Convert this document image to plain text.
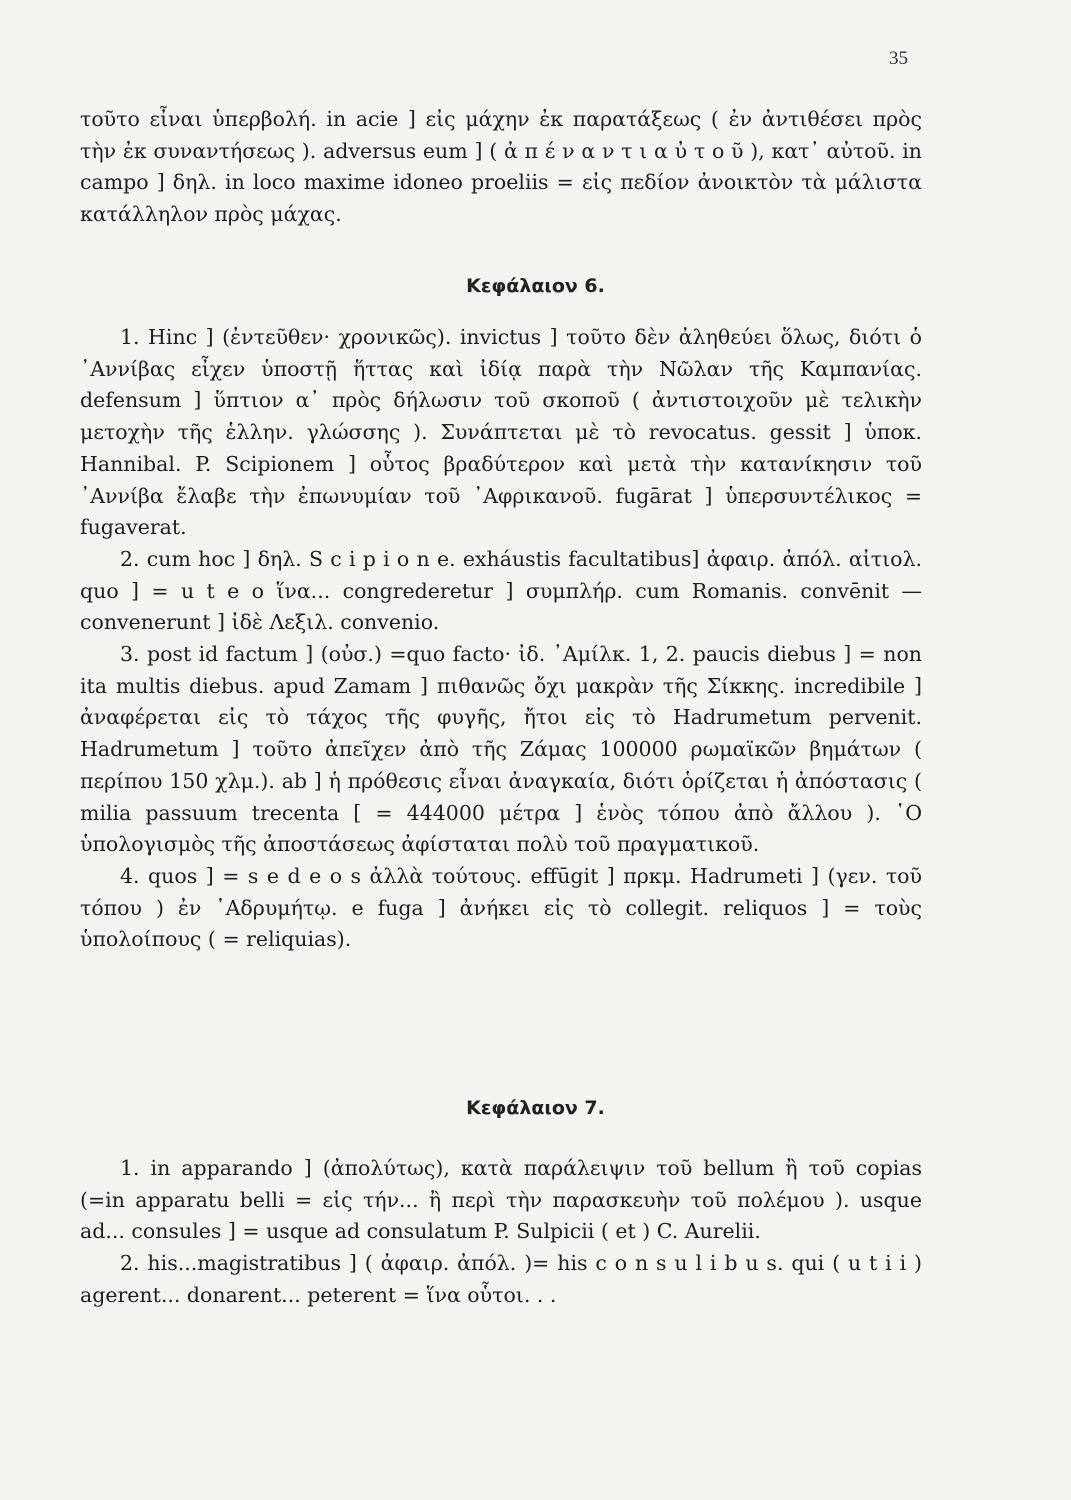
35

τοῦτο εἶναι ὑπερβολή. in acie ] εἰς μάχην ἐκ παρατάξεως ( ἐν ἀντιθέσει πρὸς τὴν ἐκ συναντήσεως ). adversus eum ] ( ἀ π έ ν α ν τ ι α ὐ τ ο ῦ ), κατ᾽ αὐτοῦ. in campo ] δηλ. in loco maxime idoneo proeliis = εἰς πεδίον ἀνοικτὸν τὰ μάλιστα κατάλληλον πρὸς μάχας.

Κεφάλαιον 6.

1. Hinc ] (ἐντεῦθεν· χρονικῶς). invictus ] τοῦτο δὲν ἀληθεύει ὅλως, διότι ὁ ᾽Αννίβας εἶχεν ὑποστῇ ἥττας καὶ ἰδίᾳ παρὰ τὴν Νῶλαν τῆς Καμπανίας. defensum ] ὕπτιον α᾽ πρὸς δήλωσιν τοῦ σκοποῦ ( ἀντιστοιχοῦν μὲ τελικὴν μετοχὴν τῆς ἑλλην. γλώσσης ). Συνάπτεται μὲ τὸ revocatus. gessit ] ὑποκ. Hannibal. P. Scipionem ] οὗτος βραδύτερον καὶ μετὰ τὴν κατανίκησιν τοῦ ᾽Αννίβα ἔλαβε τὴν ἐπωνυμίαν τοῦ ᾽Αφρικανοῦ. fugārat ] ὑπερσυντέλικος = fugaverat.

2. cum hoc ] δηλ. S c i p i o n e. exháustis facultatibus] ἀφαιρ. ἀπόλ. αἰτιολ. quo ] = u t e o ἵνα... congrederetur ] συμπλήρ. cum Romanis. convēnit — convenerunt ] ἰδὲ Λεξιλ. convenio.

3. post id factum ] (οὐσ.) =quo facto· ἰδ. ᾽Αμίλκ. 1, 2. paucis diebus ] = non ita multis diebus. apud Zamam ] πιθανῶς ὄχι μακρὰν τῆς Σίκκης. incredibile ] ἀναφέρεται εἰς τὸ τάχος τῆς φυγῆς, ἤτοι εἰς τὸ Hadrumetum pervenit. Hadrumetum ] τοῦτο ἀπεῖχεν ἀπὸ τῆς Ζάμας 100000 ρωμαϊκῶν βημάτων ( περίπου 150 χλμ.). ab ] ἡ πρόθεσις εἶναι ἀναγκαία, διότι ὁρίζεται ἡ ἀπόστασις ( milia passuum trecenta [ = 444000 μέτρα ] ἑνὸς τόπου ἀπὸ ἄλλου ). ῾Ο ὑπολογισμὸς τῆς ἀποστάσεως ἀφίσταται πολὺ τοῦ πραγματικοῦ.

4. quos ] = s e d e o s ἀλλὰ τούτους. effūgit ] πρκμ. Hadrumeti ] (γεν. τοῦ τόπου ) ἐν ῾Αδρυμήτῳ. e fuga ] ἀνήκει εἰς τὸ collegit. reliquos ] = τοὺς ὑπολοίπους ( = reliquias).

Κεφάλαιον 7.

1. in apparando ] (ἀπολύτως), κατὰ παράλειψιν τοῦ bellum ἢ τοῦ copias (=in apparatu belli = εἰς τήν... ἢ περὶ τὴν παρασκευὴν τοῦ πολέμου ). usque ad... consules ] = usque ad consulatum P. Sulpicii ( et ) C. Aurelii.

2. his...magistratibus ] ( ἀφαιρ. ἀπόλ. )= his c o n s u l i b u s. qui ( u t i i ) agerent... donarent... peterent = ἵνα οὗτοι. . .
